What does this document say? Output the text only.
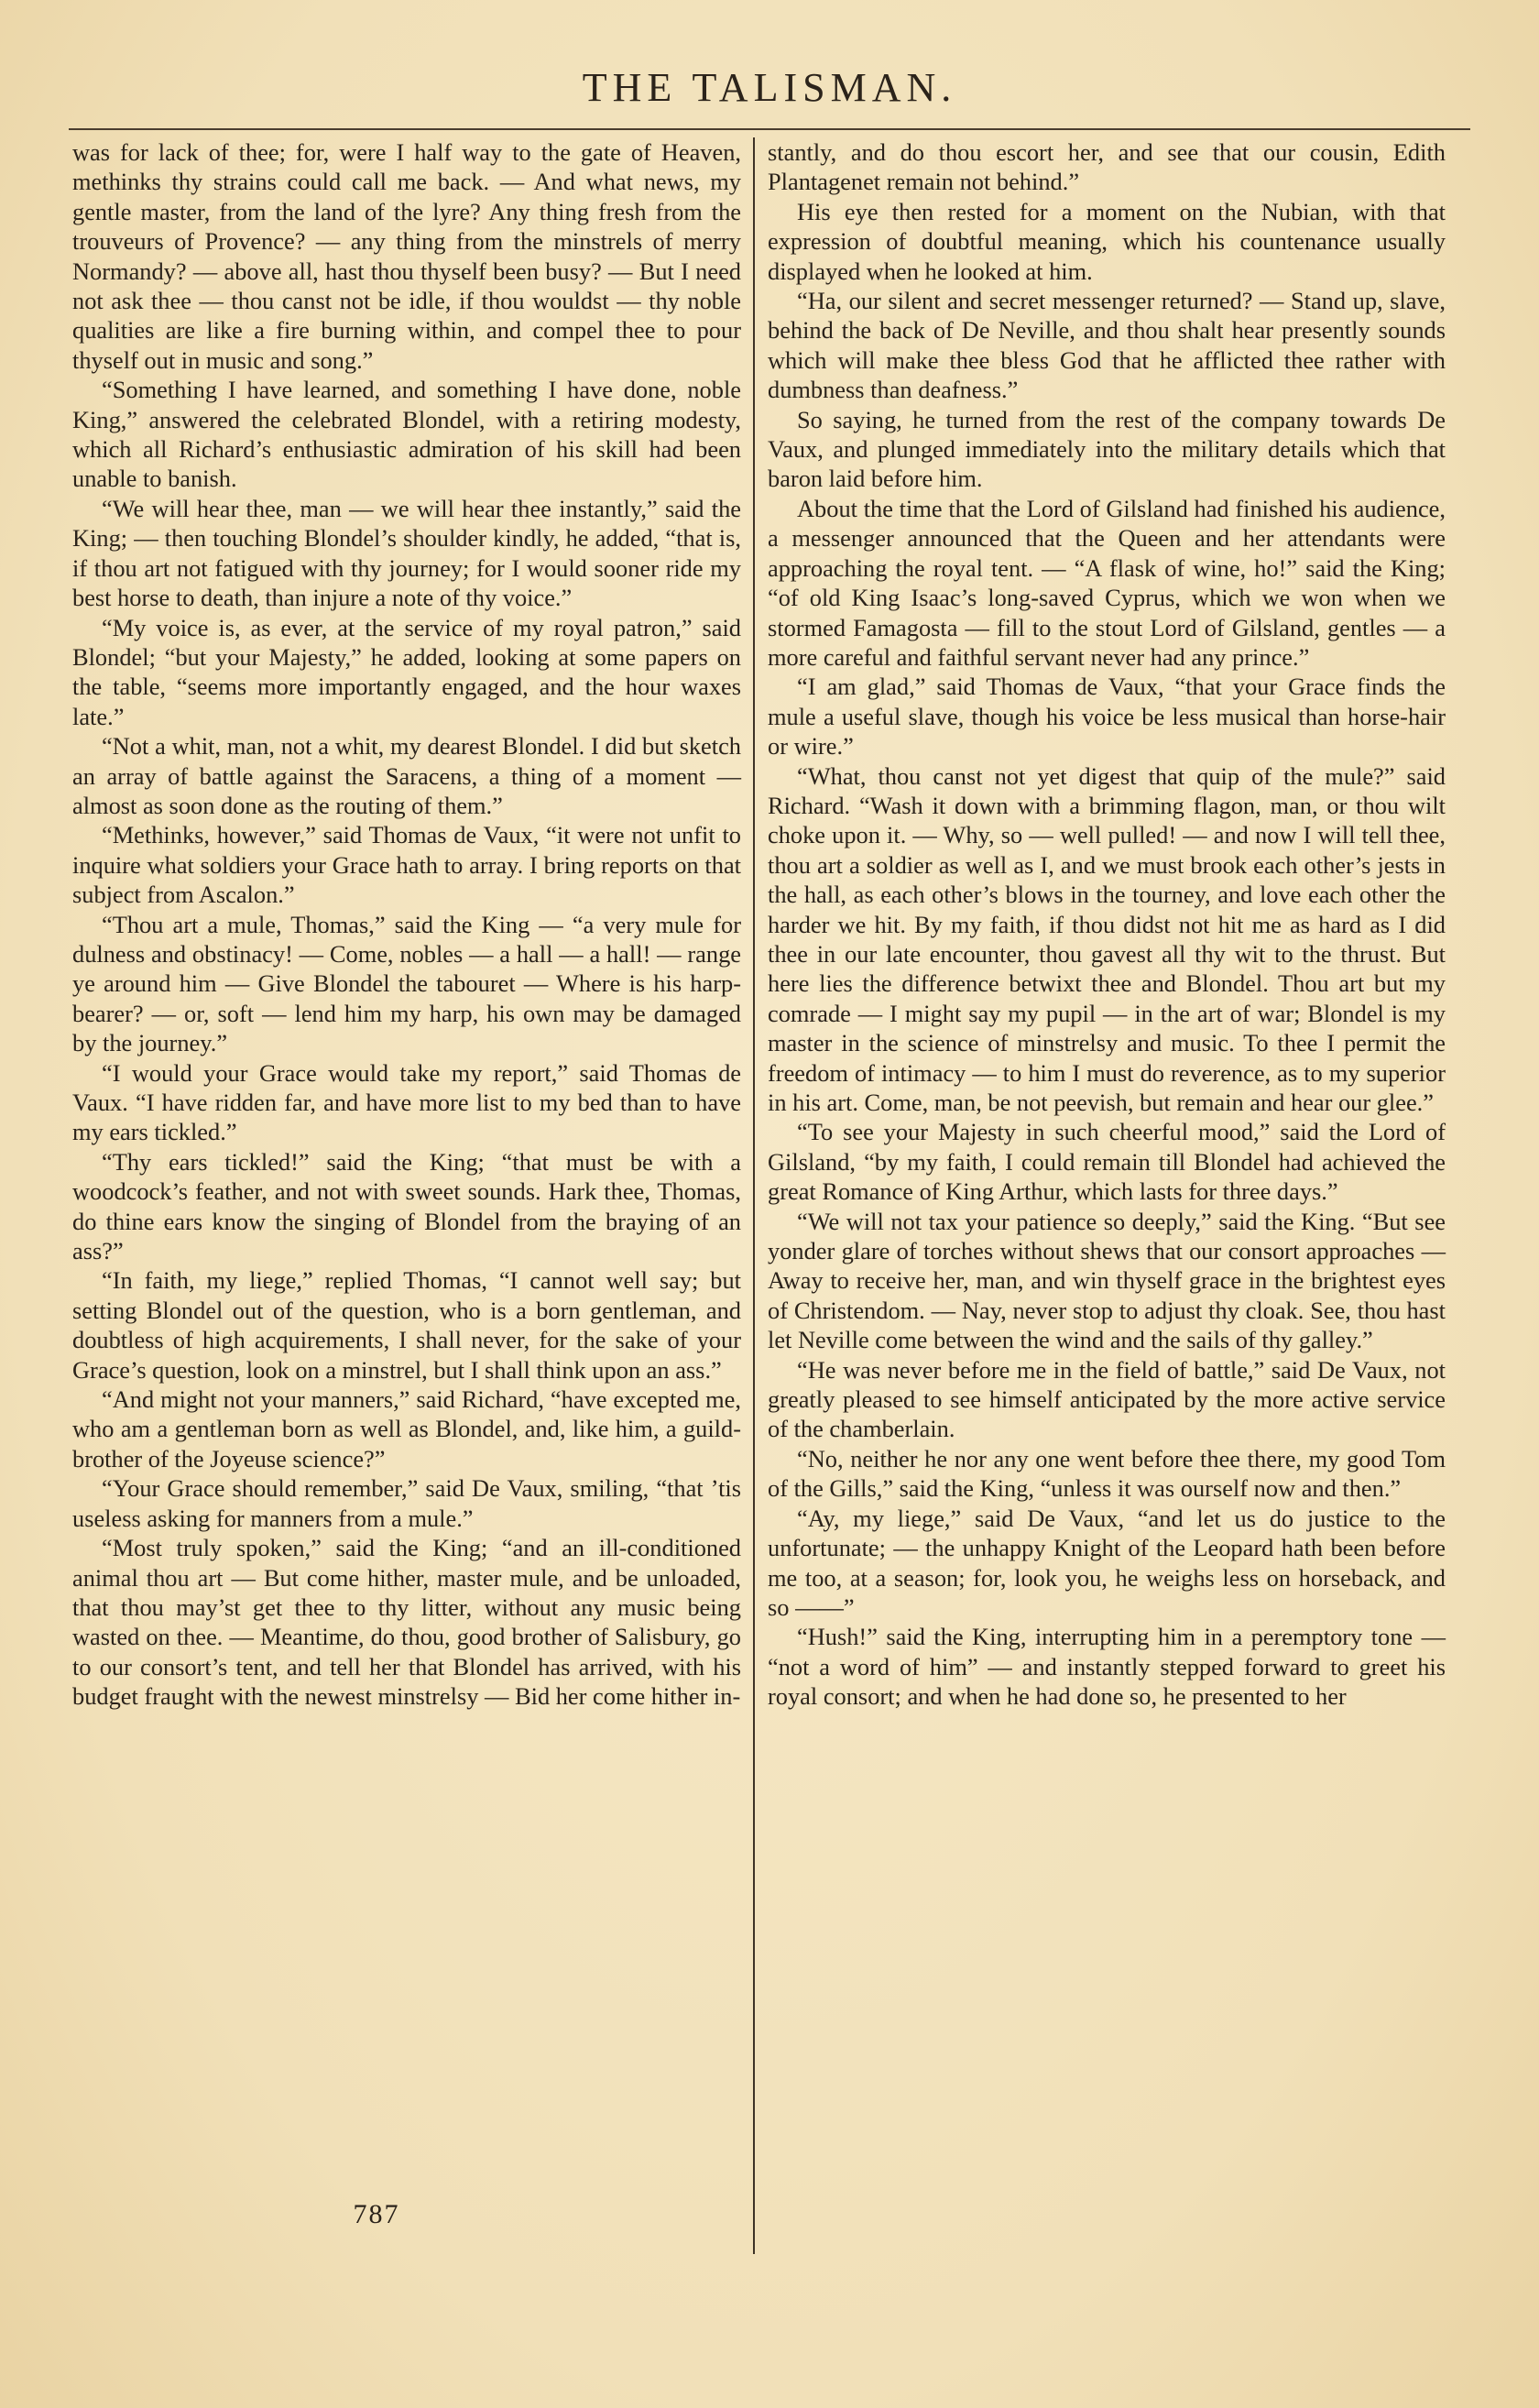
THE TALISMAN.

was for lack of thee; for, were I half way to the gate of Heaven, methinks thy strains could call me back. — And what news, my gentle master, from the land of the lyre? Any thing fresh from the trouveurs of Provence? — any thing from the minstrels of merry Normandy? — above all, hast thou thyself been busy? — But I need not ask thee — thou canst not be idle, if thou wouldst — thy noble qualities are like a fire burning within, and compel thee to pour thyself out in music and song.”

“Something I have learned, and something I have done, noble King,” answered the celebrated Blondel, with a retiring modesty, which all Richard’s enthusiastic admiration of his skill had been unable to banish.

“We will hear thee, man — we will hear thee instantly,” said the King; — then touching Blondel’s shoulder kindly, he added, “that is, if thou art not fatigued with thy journey; for I would sooner ride my best horse to death, than injure a note of thy voice.”

“My voice is, as ever, at the service of my royal patron,” said Blondel; “but your Majesty,” he added, looking at some papers on the table, “seems more importantly engaged, and the hour waxes late.”

“Not a whit, man, not a whit, my dearest Blondel. I did but sketch an array of battle against the Saracens, a thing of a moment — almost as soon done as the routing of them.”

“Methinks, however,” said Thomas de Vaux, “it were not unfit to inquire what soldiers your Grace hath to array. I bring reports on that subject from Ascalon.”

“Thou art a mule, Thomas,” said the King — “a very mule for dulness and obstinacy! — Come, nobles — a hall — a hall! — range ye around him — Give Blondel the tabouret — Where is his harp-bearer? — or, soft — lend him my harp, his own may be damaged by the journey.”

“I would your Grace would take my report,” said Thomas de Vaux. “I have ridden far, and have more list to my bed than to have my ears tickled.”

“Thy ears tickled!” said the King; “that must be with a woodcock’s feather, and not with sweet sounds. Hark thee, Thomas, do thine ears know the singing of Blondel from the braying of an ass?”

“In faith, my liege,” replied Thomas, “I cannot well say; but setting Blondel out of the question, who is a born gentleman, and doubtless of high acquirements, I shall never, for the sake of your Grace’s question, look on a minstrel, but I shall think upon an ass.”

“And might not your manners,” said Richard, “have excepted me, who am a gentleman born as well as Blondel, and, like him, a guild-brother of the Joyeuse science?”

“Your Grace should remember,” said De Vaux, smiling, “that ’tis useless asking for manners from a mule.”

“Most truly spoken,” said the King; “and an ill-conditioned animal thou art — But come hither, master mule, and be unloaded, that thou may’st get thee to thy litter, without any music being wasted on thee. — Meantime, do thou, good brother of Salisbury, go to our consort’s tent, and tell her that Blondel has arrived, with his budget fraught with the newest minstrelsy — Bid her come hither in-

stantly, and do thou escort her, and see that our cousin, Edith Plantagenet remain not behind.”

His eye then rested for a moment on the Nubian, with that expression of doubtful meaning, which his countenance usually displayed when he looked at him.

“Ha, our silent and secret messenger returned? — Stand up, slave, behind the back of De Neville, and thou shalt hear presently sounds which will make thee bless God that he afflicted thee rather with dumbness than deafness.”

So saying, he turned from the rest of the company towards De Vaux, and plunged immediately into the military details which that baron laid before him.

About the time that the Lord of Gilsland had finished his audience, a messenger announced that the Queen and her attendants were approaching the royal tent. — “A flask of wine, ho!” said the King; “of old King Isaac’s long-saved Cyprus, which we won when we stormed Famagosta — fill to the stout Lord of Gilsland, gentles — a more careful and faithful servant never had any prince.”

“I am glad,” said Thomas de Vaux, “that your Grace finds the mule a useful slave, though his voice be less musical than horse-hair or wire.”

“What, thou canst not yet digest that quip of the mule?” said Richard. “Wash it down with a brimming flagon, man, or thou wilt choke upon it. — Why, so — well pulled! — and now I will tell thee, thou art a soldier as well as I, and we must brook each other’s jests in the hall, as each other’s blows in the tourney, and love each other the harder we hit. By my faith, if thou didst not hit me as hard as I did thee in our late encounter, thou gavest all thy wit to the thrust. But here lies the difference betwixt thee and Blondel. Thou art but my comrade — I might say my pupil — in the art of war; Blondel is my master in the science of minstrelsy and music. To thee I permit the freedom of intimacy — to him I must do reverence, as to my superior in his art. Come, man, be not peevish, but remain and hear our glee.”

“To see your Majesty in such cheerful mood,” said the Lord of Gilsland, “by my faith, I could remain till Blondel had achieved the great Romance of King Arthur, which lasts for three days.”

“We will not tax your patience so deeply,” said the King. “But see yonder glare of torches without shews that our consort approaches — Away to receive her, man, and win thyself grace in the brightest eyes of Christendom. — Nay, never stop to adjust thy cloak. See, thou hast let Neville come between the wind and the sails of thy galley.”

“He was never before me in the field of battle,” said De Vaux, not greatly pleased to see himself anticipated by the more active service of the chamberlain.

“No, neither he nor any one went before thee there, my good Tom of the Gills,” said the King, “unless it was ourself now and then.”

“Ay, my liege,” said De Vaux, “and let us do justice to the unfortunate; — the unhappy Knight of the Leopard hath been before me too, at a season; for, look you, he weighs less on horseback, and so ——”

“Hush!” said the King, interrupting him in a peremptory tone — “not a word of him” — and instantly stepped forward to greet his royal consort; and when he had done so, he presented to her

787
